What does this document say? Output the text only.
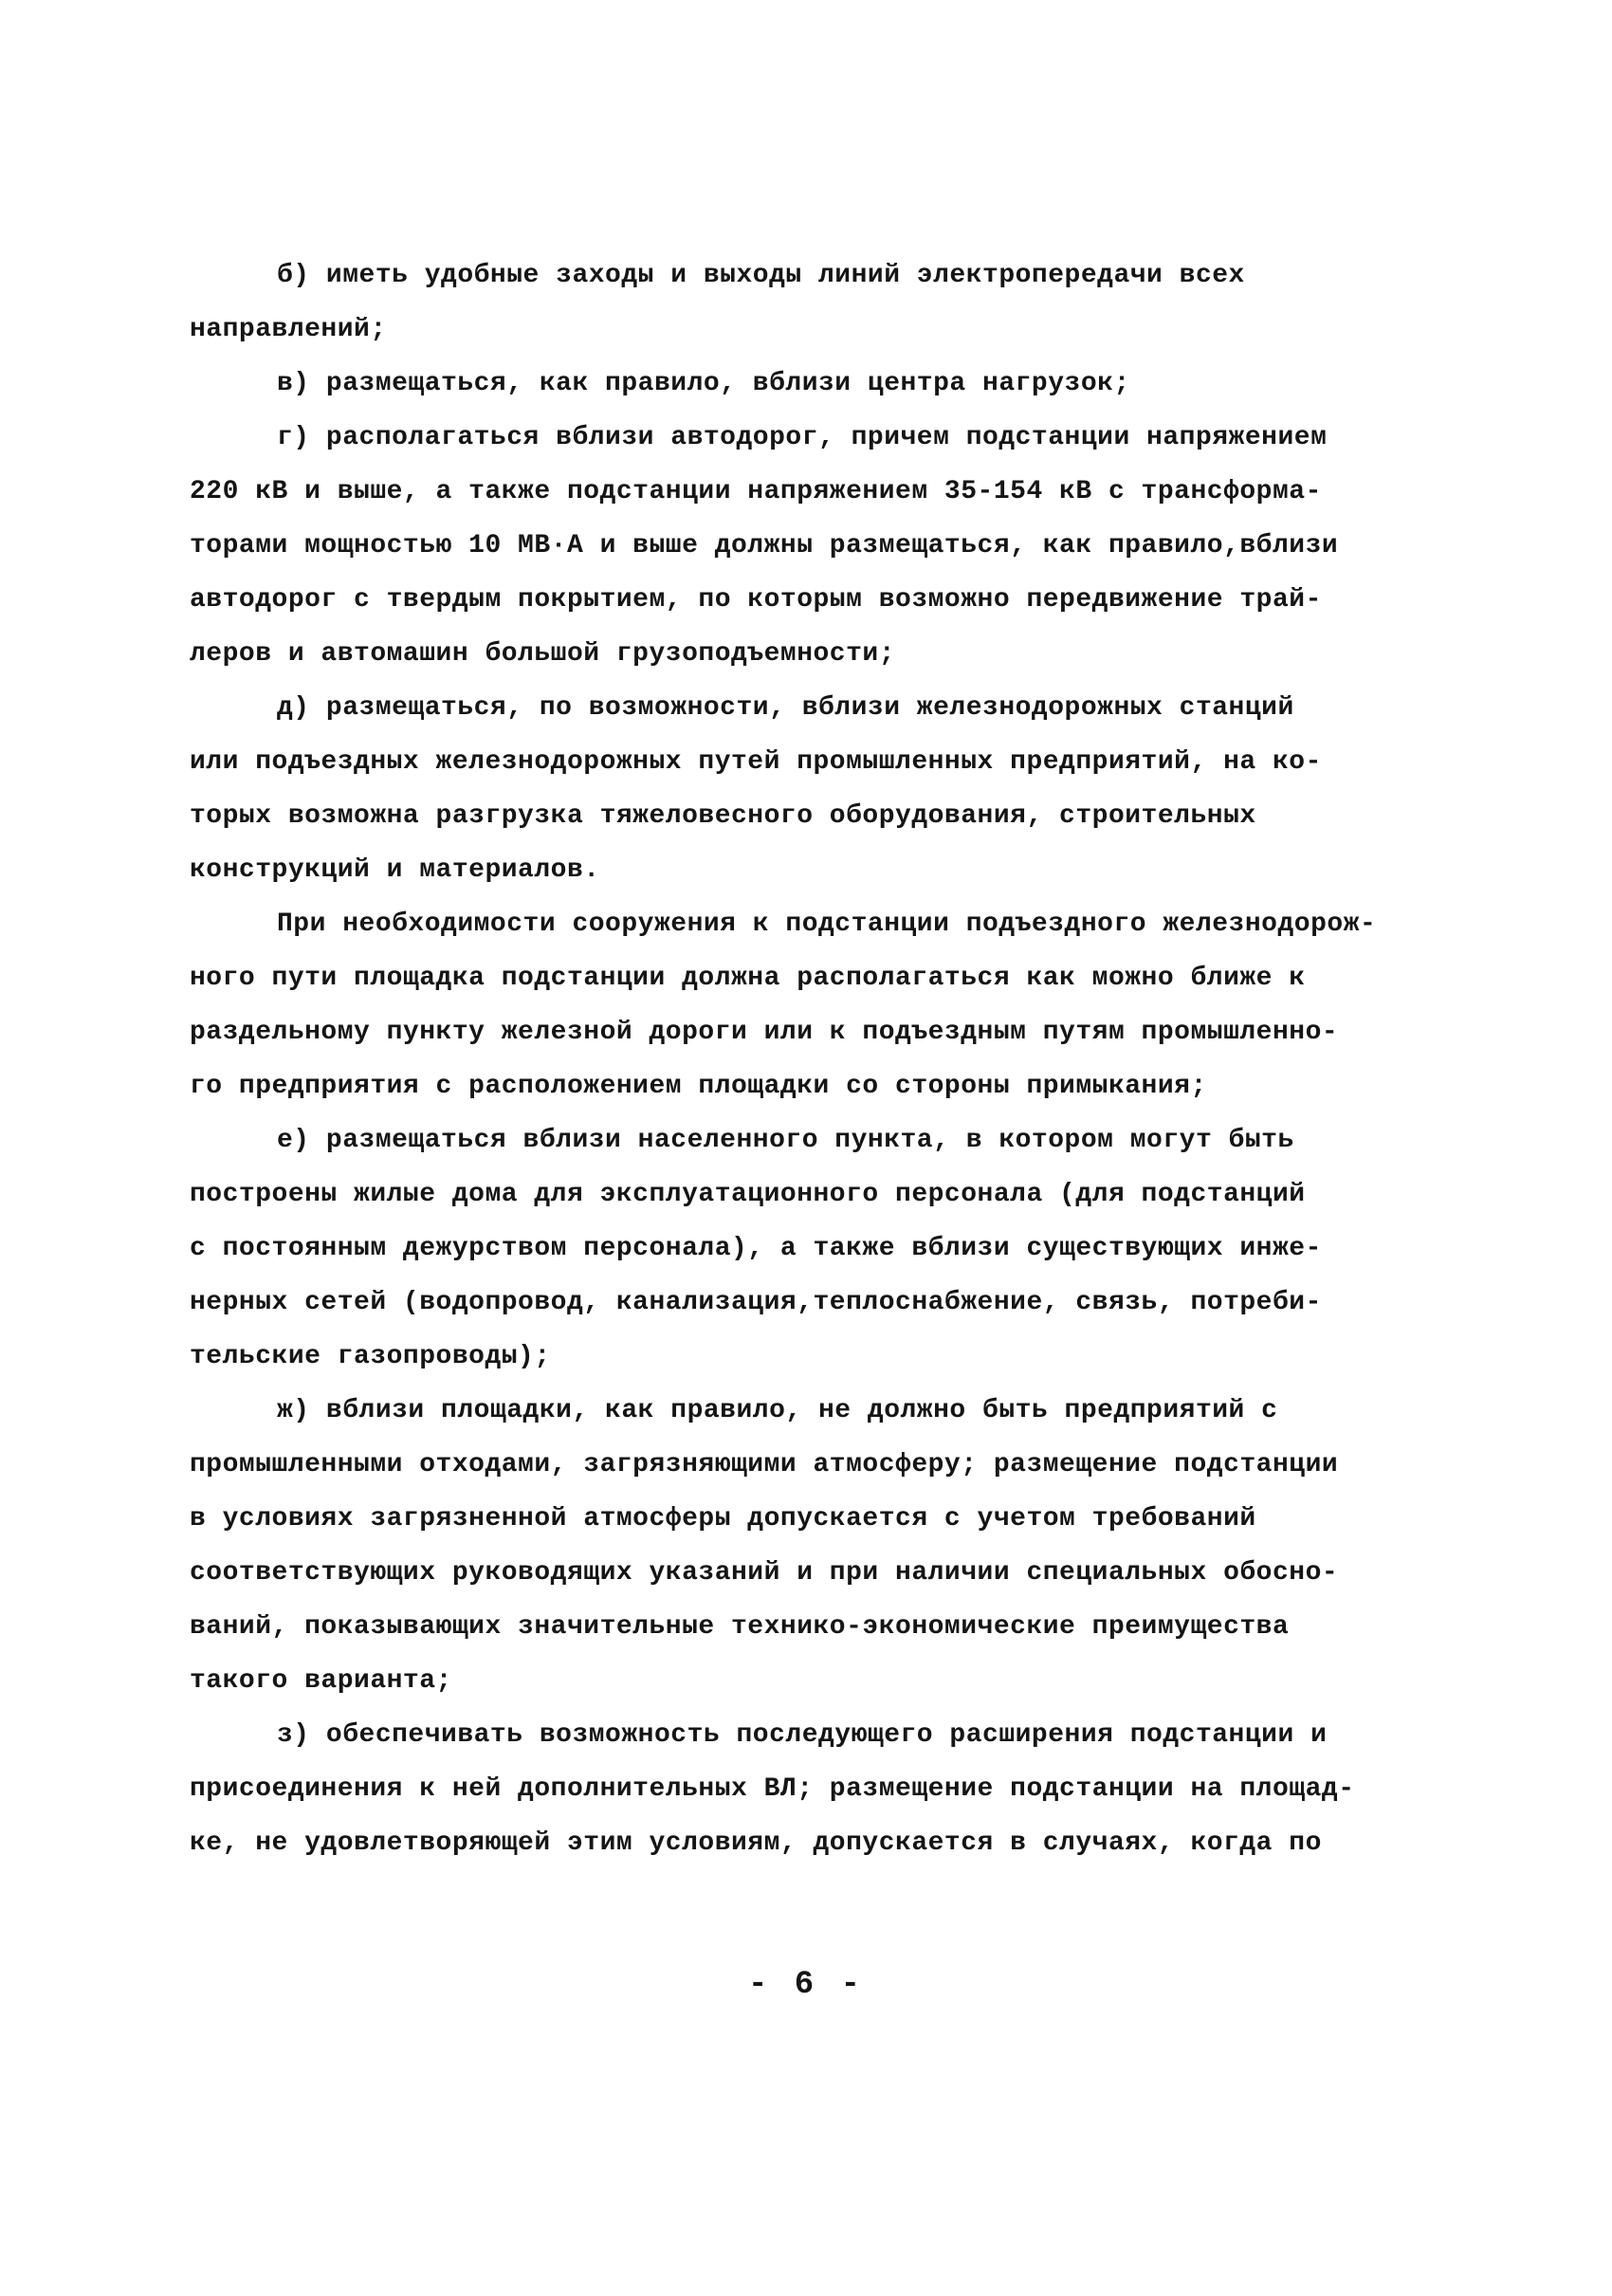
б) иметь удобные заходы и выходы линий электропередачи всех
направлений;
в) размещаться, как правило, вблизи центра нагрузок;
г) располагаться вблизи автодорог, причем подстанции напряжением
220 кВ и выше, а также подстанции напряжением 35-154 кВ с трансформа-
торами мощностью 10 МВ·А и выше должны размещаться, как правило,вблизи
автодорог с твердым покрытием, по которым возможно передвижение трай-
леров и автомашин большой грузоподъемности;
д) размещаться, по возможности, вблизи железнодорожных станций
или подъездных железнодорожных путей промышленных предприятий, на ко-
торых возможна разгрузка тяжеловесного оборудования, строительных
конструкций и материалов.
При необходимости сооружения к подстанции подъездного железнодорож-
ного пути площадка подстанции должна располагаться как можно ближе к
раздельному пункту железной дороги или к подъездным путям промышленно-
го предприятия с расположением площадки со стороны примыкания;
е) размещаться вблизи населенного пункта, в котором могут быть
построены жилые дома для эксплуатационного персонала (для подстанций
с постоянным дежурством персонала), а также вблизи существующих инже-
нерных сетей (водопровод, канализация,теплоснабжение, связь, потреби-
тельские газопроводы);
ж) вблизи площадки, как правило, не должно быть предприятий с
промышленными отходами, загрязняющими атмосферу; размещение подстанции
в условиях загрязненной атмосферы допускается с учетом требований
соответствующих руководящих указаний и при наличии специальных обосно-
ваний, показывающих значительные технико-экономические преимущества
такого варианта;
з) обеспечивать возможность последующего расширения подстанции и
присоединения к ней дополнительных ВЛ; размещение подстанции на площад-
ке, не удовлетворяющей этим условиям, допускается в случаях, когда по
- 6 -
